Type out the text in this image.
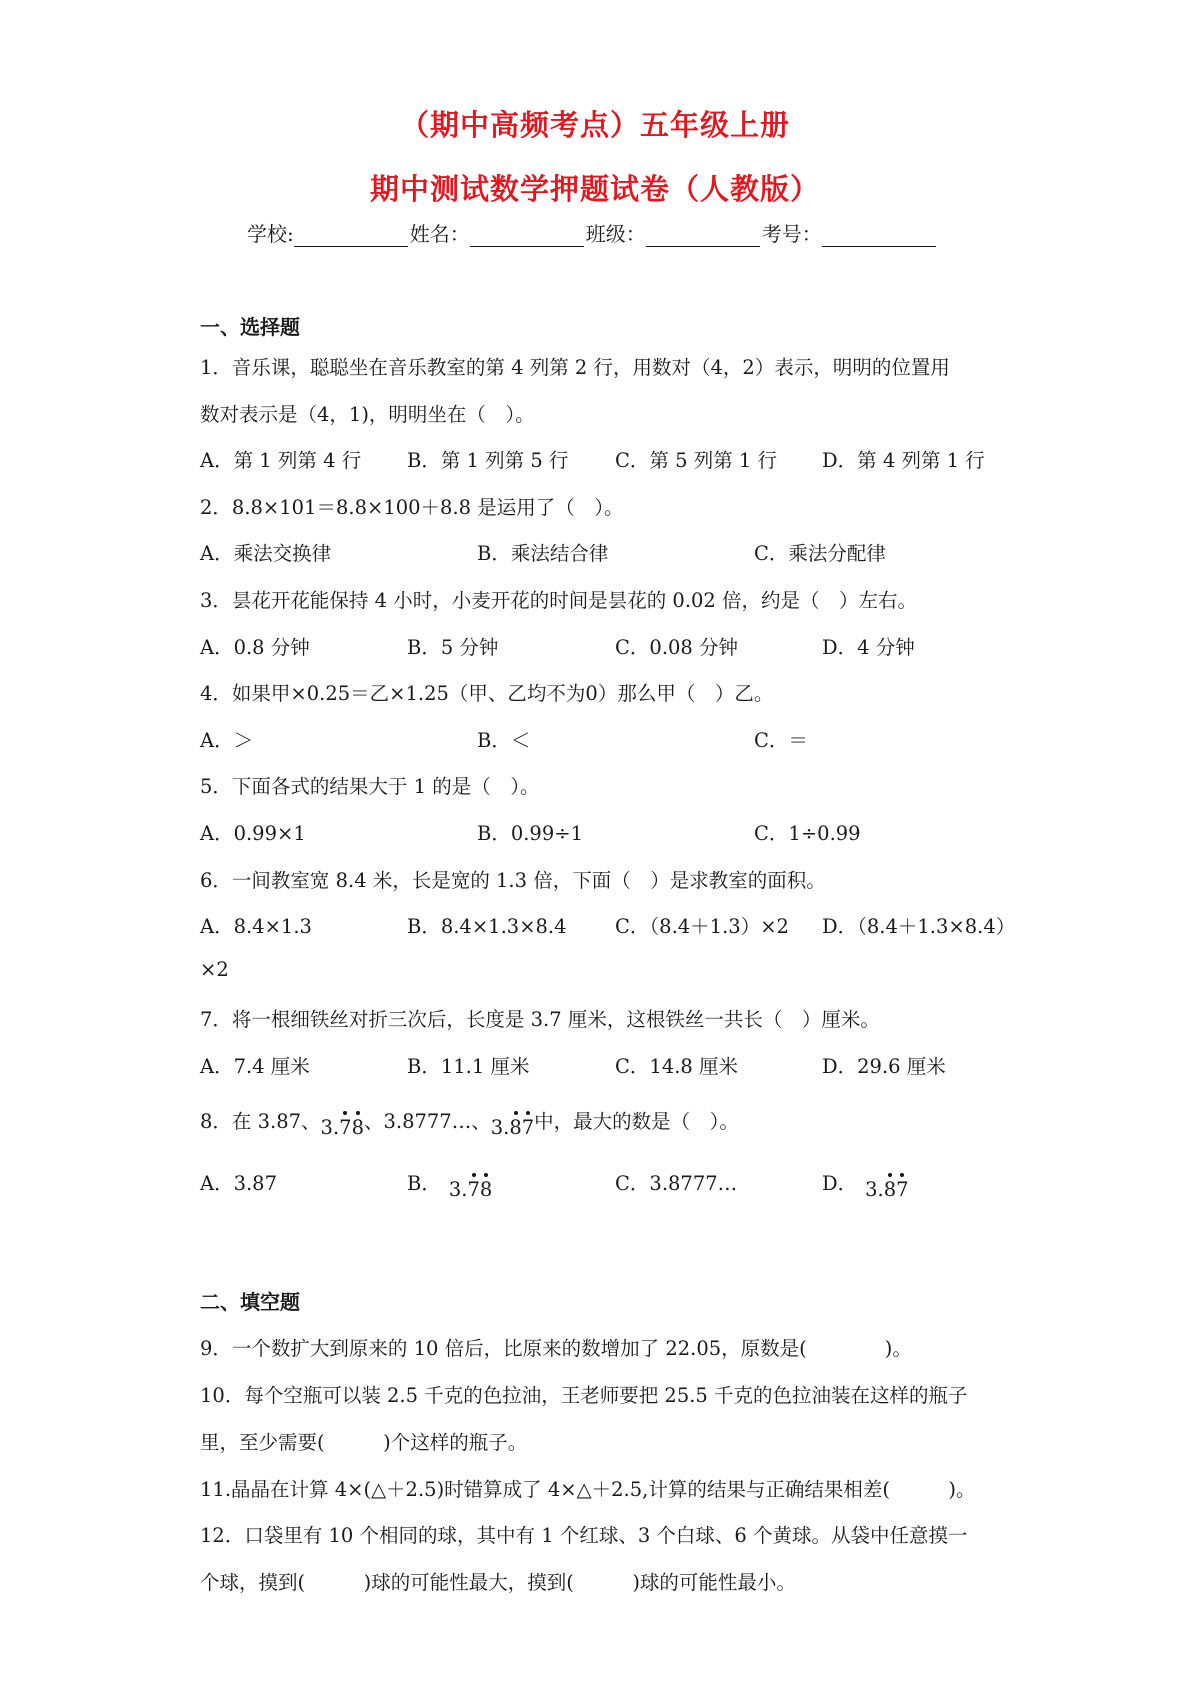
（期中高频考点）五年级上册
期中测试数学押题试卷（人教版）
学校:	姓名：	班级：	考号：
一、选择题
1．音乐课，聪聪坐在音乐教室的第 4 列第 2 行，用数对（4，2）表示，明明的位置用
数对表示是（4，1)，明明坐在（　）。
A．第 1 列第 4 行 B．第 1 列第 5 行 C．第 5 列第 1 行 D．第 4 列第 1 行
2．8.8×101＝8.8×100＋8.8 是运用了（　）。
A．乘法交换律	B．乘法结合律	C．乘法分配律
3．昙花开花能保持 4 小时，小麦开花的时间是昙花的 0.02 倍，约是（　）左右。
A．0.8 分钟	B．5 分钟	C．0.08 分钟	D．4 分钟
4．如果甲×0.25＝乙×1.25（甲、乙均不为0）那么甲（　）乙。
A．＞	B．＜	C．＝
5．下面各式的结果大于 1 的是（　）。
A．0.99×1	B．0.99÷1	C．1÷0.99
6．一间教室宽 8.4 米，长是宽的 1.3 倍，下面（　）是求教室的面积。
A．8.4×1.3	B．8.4×1.3×8.4 C．（8.4＋1.3）×2 D．（8.4＋1.3×8.4）
×2
7．将一根细铁丝对折三次后，长度是 3.7 厘米，这根铁丝一共长（　）厘米。
A．7.4 厘米	B．11.1 厘米	C．14.8 厘米	D．29.6 厘米
8．在 3.87、3.78、3.8777…、3.87中，最大的数是（　）。
A．3.87	B． 3.78	C．3.8777…	D． 3.87
二、填空题
9．一个数扩大到原来的 10 倍后，比原来的数增加了 22.05，原数是(　　　　)。
10．每个空瓶可以装 2.5 千克的色拉油，王老师要把 25.5 千克的色拉油装在这样的瓶子
里，至少需要(　　　)个这样的瓶子。
11.晶晶在计算 4×(△＋2.5)时错算成了 4×△＋2.5,计算的结果与正确结果相差(　　　)。
12．口袋里有 10 个相同的球，其中有 1 个红球、3 个白球、6 个黄球。从袋中任意摸一
个球，摸到(　　　)球的可能性最大，摸到(　　　)球的可能性最小。
